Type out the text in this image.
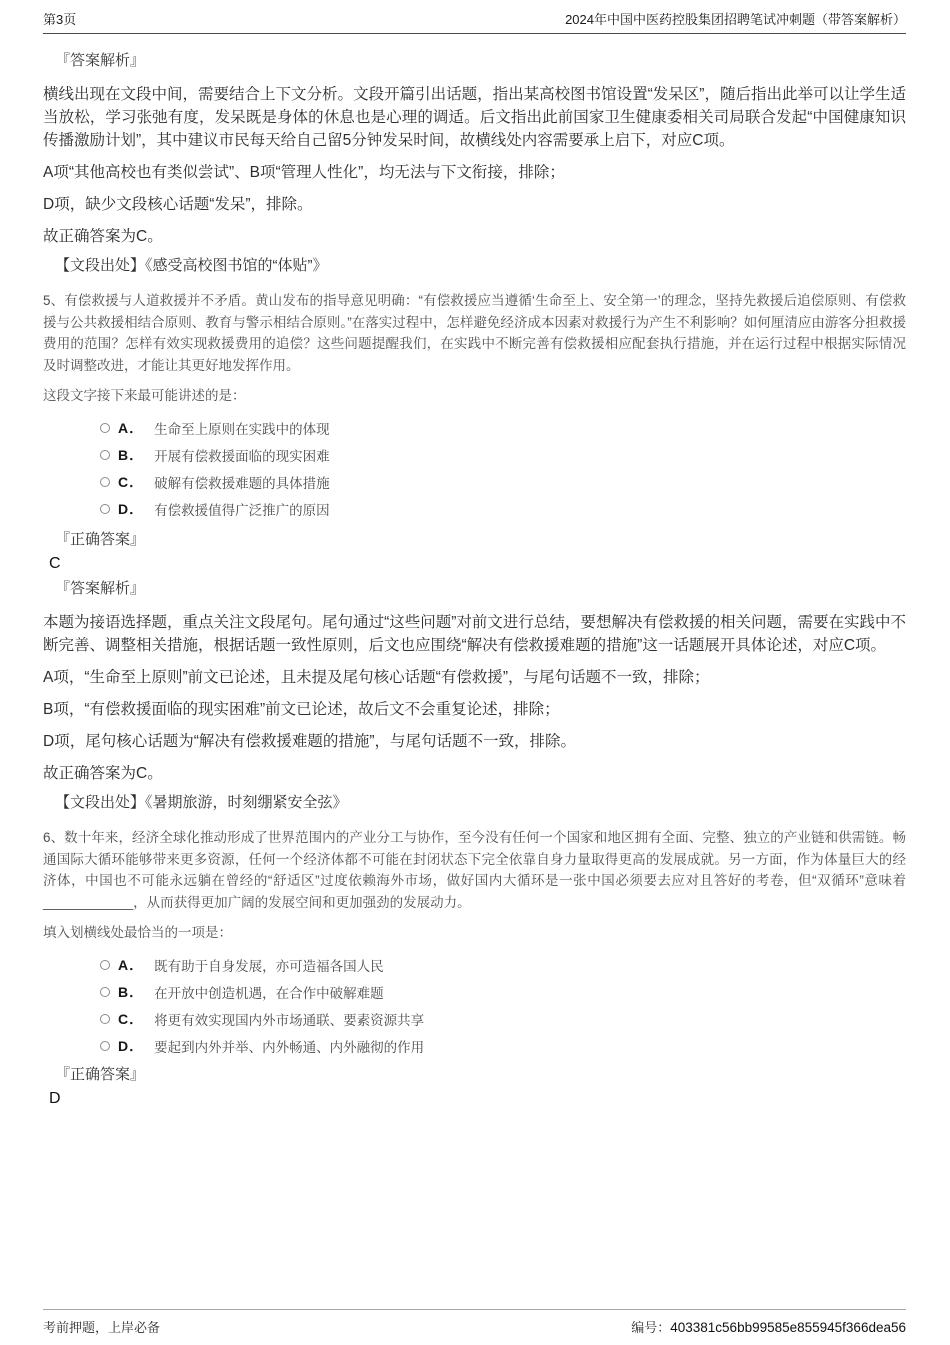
第3页	2024年中国中医药控股集团招聘笔试冲刺题（带答案解析）
『答案解析』
横线出现在文段中间，需要结合上下文分析。文段开篇引出话题，指出某高校图书馆设置“发呆区”，随后指出此举可以让学生适当放松，学习张弛有度，发呆既是身体的休息也是心理的调适。后文指出此前国家卫生健康委相关司局联合发起“中国健康知识传播激励计划”，其中建议市民每天给自己留5分钟发呆时间，故横线处内容需要承上启下，对应C项。
A项“其他高校也有类似尝试”、B项“管理人性化”，均无法与下文衔接，排除；
D项，缺少文段核心话题“发呆”，排除。
故正确答案为C。
【文段出处】《感受高校图书馆的“体贴”》
5、有偿救援与人道救援并不矛盾。黄山发布的指导意见明确：“有偿救援应当遵循‘生命至上、安全第一’的理念，坚持先救援后追偿原则、有偿救援与公共救援相结合原则、教育与警示相结合原则。”在落实过程中，怎样避免经济成本因素对救援行为产生不利影响？如何厘清应由游客分担救援费用的范围？怎样有效实现救援费用的追偿？这些问题提醒我们，在实践中不断完善有偿救援相应配套执行措施，并在运行过程中根据实际情况及时调整改进，才能让其更好地发挥作用。
这段文字接下来最可能讲述的是：
A． 生命至上原则在实践中的体现
B． 开展有偿救援面临的现实困难
C． 破解有偿救援难题的具体措施
D． 有偿救援值得广泛推广的原因
『正确答案』
C
『答案解析』
本题为接语选择题，重点关注文段尾句。尾句通过“这些问题”对前文进行总结，要想解决有偿救援的相关问题，需要在实践中不断完善、调整相关措施，根据话题一致性原则，后文也应围绕“解决有偿救援难题的措施”这一话题展开具体论述，对应C项。
A项，“生命至上原则”前文已论述，且未提及尾句核心话题“有偿救援”，与尾句话题不一致，排除；
B项，“有偿救援面临的现实困难”前文已论述，故后文不会重复论述，排除；
D项，尾句核心话题为“解决有偿救援难题的措施”，与尾句话题不一致，排除。
故正确答案为C。
【文段出处】《暑期旅游，时刻绷紧安全弦》
6、数十年来，经济全球化推动形成了世界范围内的产业分工与协作，至今没有任何一个国家和地区拥有全面、完整、独立的产业链和供需链。畅通国际大循环能够带来更多资源，任何一个经济体都不可能在封闭状态下完全依靠自身力量取得更高的发展成就。另一方面，作为体量巨大的经济体，中国也不可能永远躺在曾经的“舒适区”过度依赖海外市场，做好国内大循环是一张中国必须要去应对且答好的考卷，但“双循环”意味着____________，从而获得更加广阔的发展空间和更加强劲的发展动力。
填入划横线处最恰当的一项是：
A． 既有助于自身发展，亦可造福各国人民
B． 在开放中创造机遇，在合作中破解难题
C． 将更有效实现国内外市场通联、要素资源共享
D． 要起到内外并举、内外畅通、内外融彻的作用
『正确答案』
D
考前押题，上岸必备	编号： 403381c56bb99585e855945f366dea56
